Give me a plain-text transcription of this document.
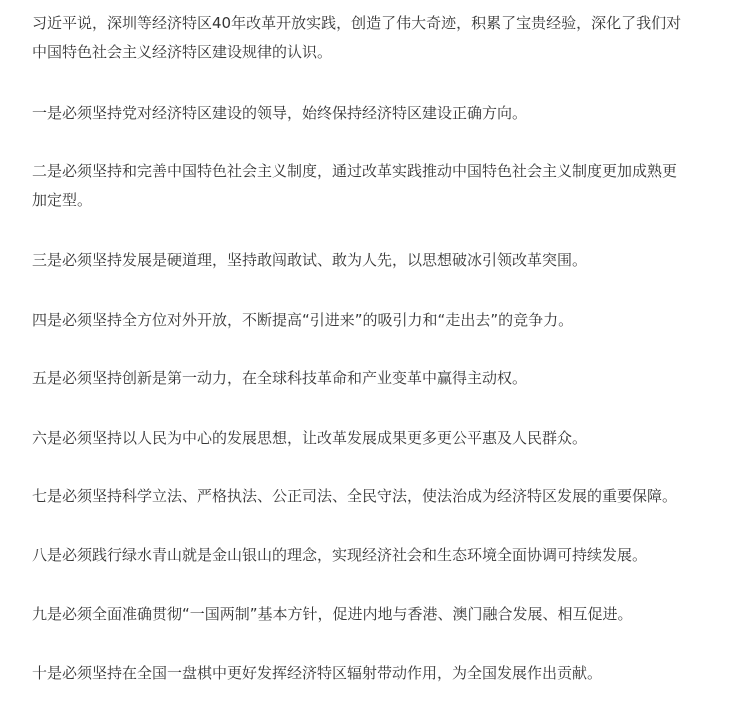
习近平说，深圳等经济特区40年改革开放实践，创造了伟大奇迹，积累了宝贵经验，深化了我们对
中国特色社会主义经济特区建设规律的认识。

一是必须坚持党对经济特区建设的领导，始终保持经济特区建设正确方向。

二是必须坚持和完善中国特色社会主义制度，通过改革实践推动中国特色社会主义制度更加成熟更
加定型。

三是必须坚持发展是硬道理，坚持敢闯敢试、敢为人先，以思想破冰引领改革突围。

四是必须坚持全方位对外开放，不断提高“引进来”的吸引力和“走出去”的竞争力。

五是必须坚持创新是第一动力，在全球科技革命和产业变革中赢得主动权。

六是必须坚持以人民为中心的发展思想，让改革发展成果更多更公平惠及人民群众。

七是必须坚持科学立法、严格执法、公正司法、全民守法，使法治成为经济特区发展的重要保障。

八是必须践行绿水青山就是金山银山的理念，实现经济社会和生态环境全面协调可持续发展。

九是必须全面准确贯彻“一国两制”基本方针，促进内地与香港、澳门融合发展、相互促进。

十是必须坚持在全国一盘棋中更好发挥经济特区辐射带动作用，为全国发展作出贡献。
